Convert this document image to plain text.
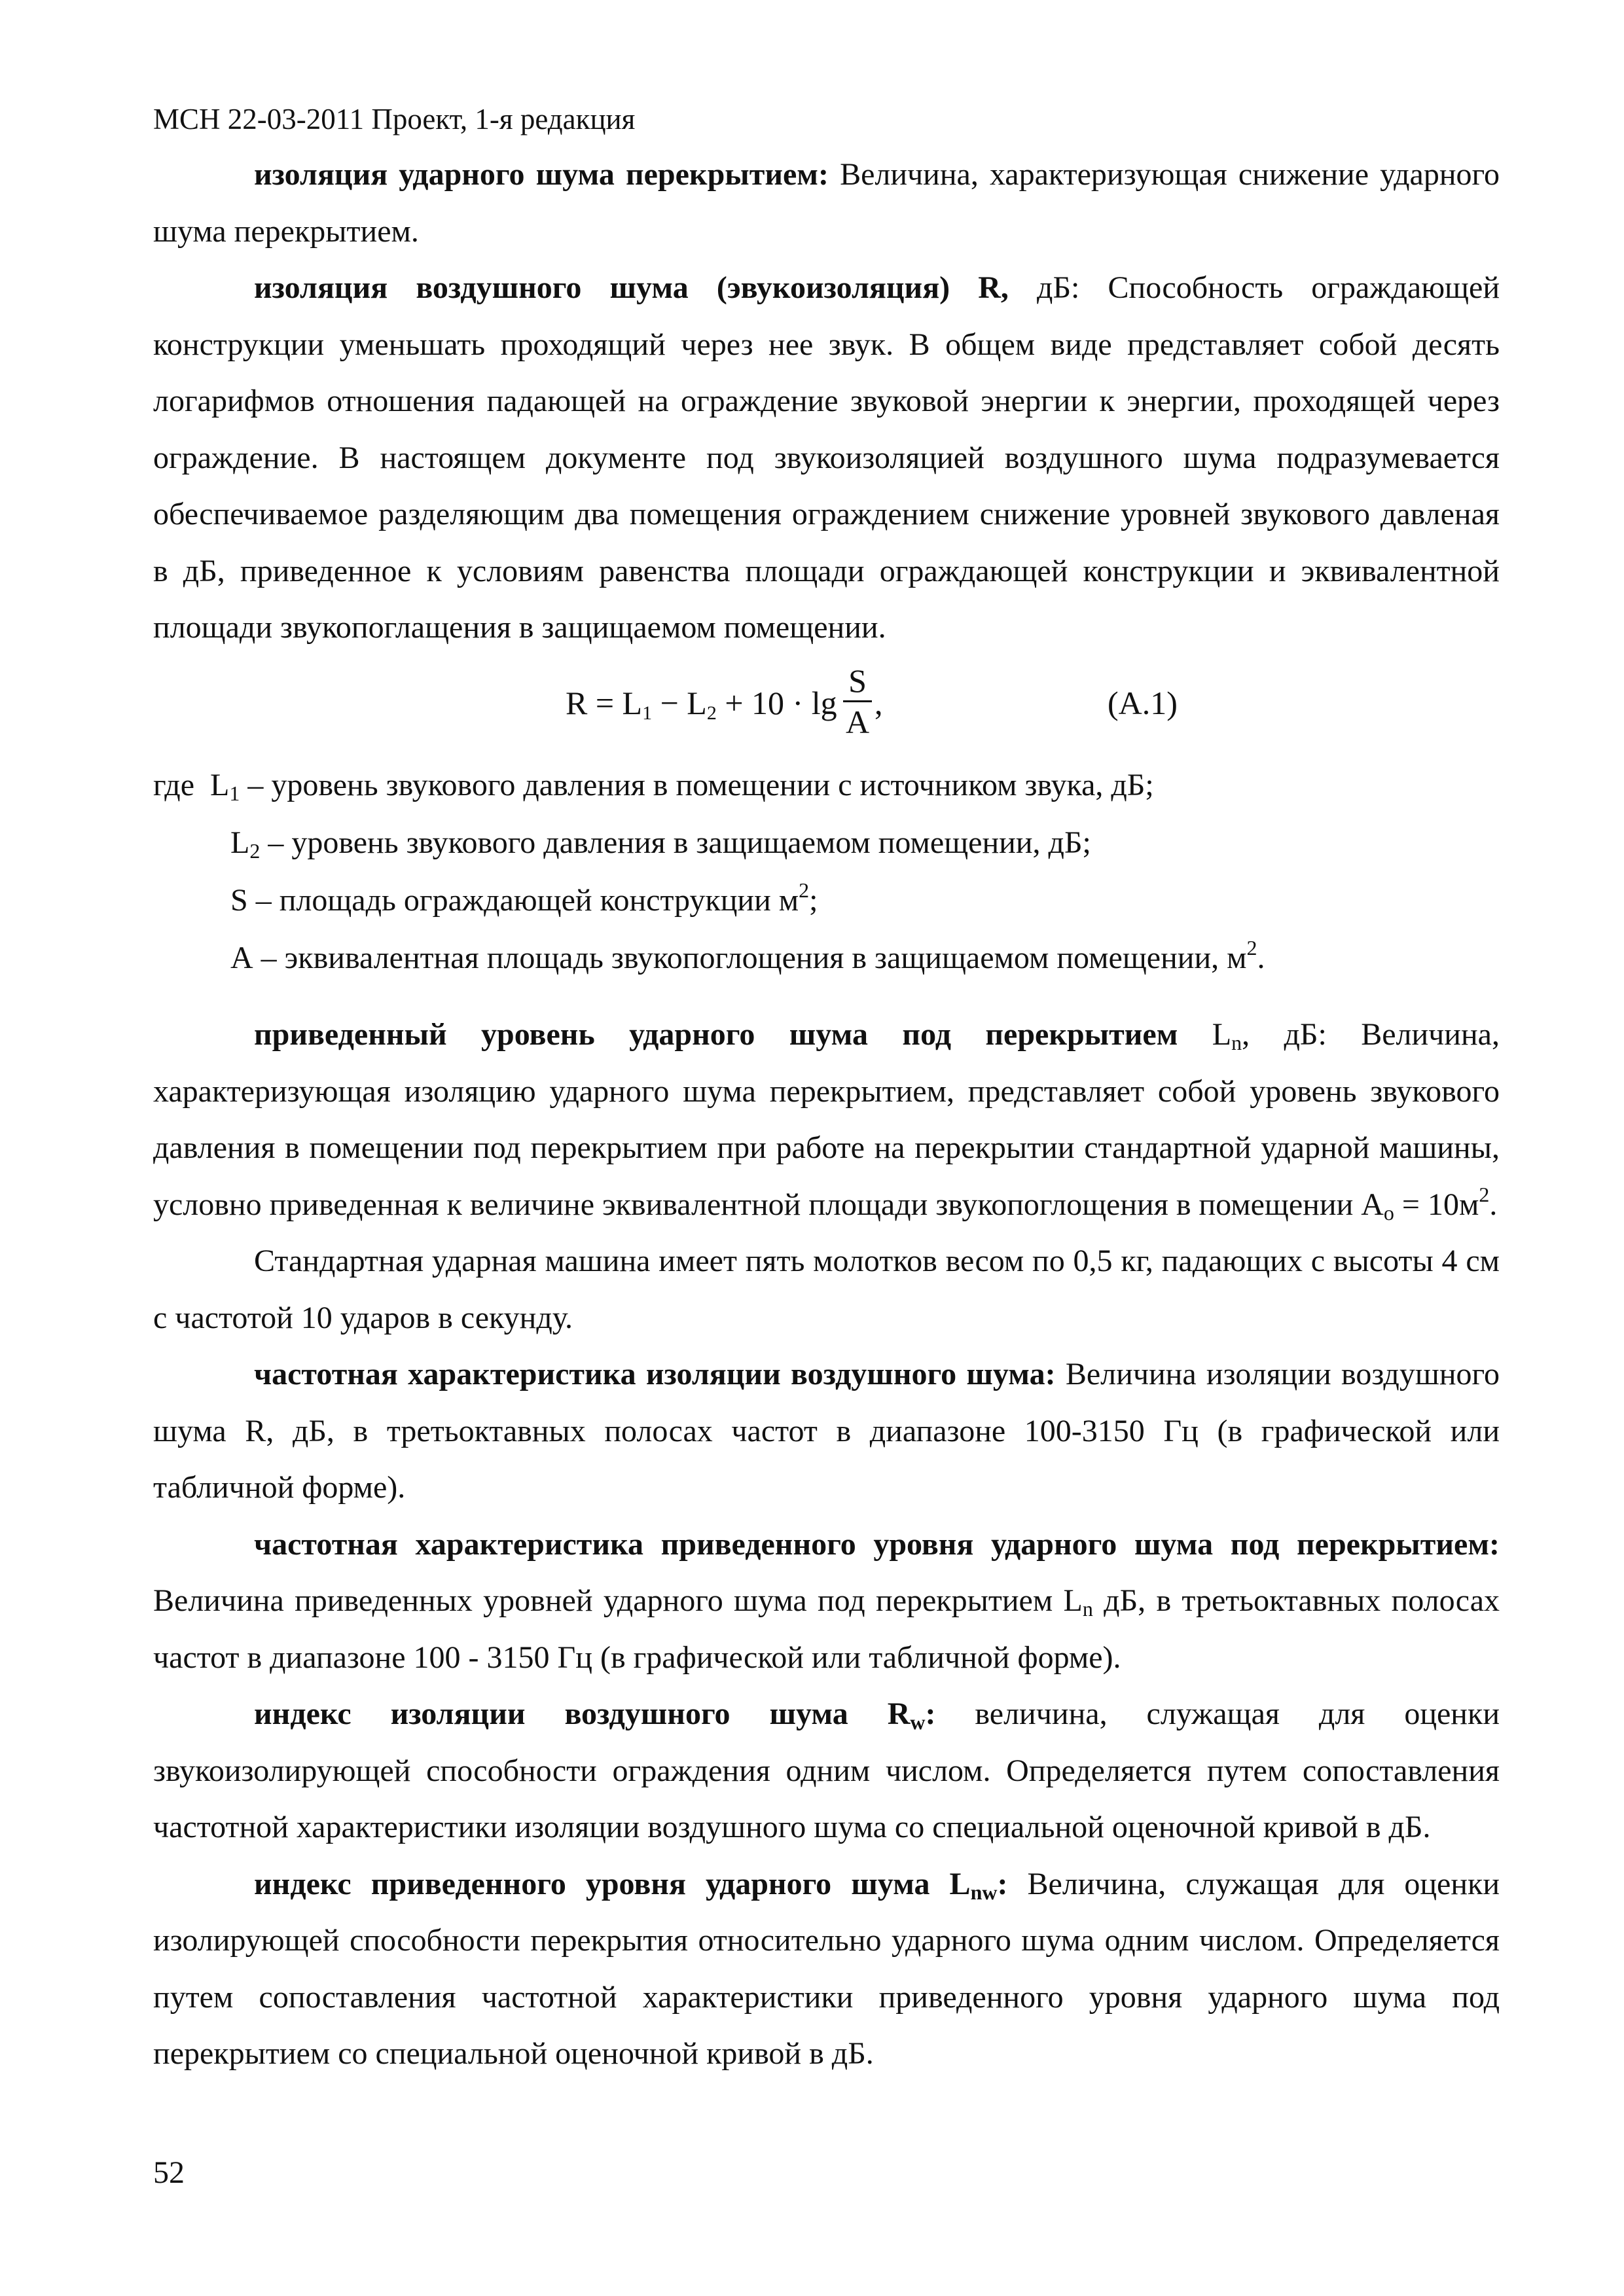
МСН 22-03-2011 Проект, 1-я редакция

изоляция ударного шума перекрытием: Величина, характеризующая снижение ударного шума перекрытием.

изоляция воздушного шума (эвукоизоляция) R, дБ: Способность ограждающей конструкции уменьшать проходящий через нее звук. В общем виде представляет собой десять логарифмов отношения падающей на ограждение звуковой энергии к энергии, проходящей через ограждение. В настоящем документе под звукоизоляцией воздушного шума подразумевается обеспечиваемое разделяющим два помещения ограждением снижение уровней звукового давленая в дБ, приведенное к условиям равенства площади ограждающей конструкции и эквивалентной площади звукопоглащения в защищаемом помещении.

R = L1 − L2 + 10 · lg
S
A
,	(А.1)
где $L_1$ – уровень звукового давления в помещении с источником звука, дБ;
$L_2$ – уровень звукового давления в защищаемом помещении, дБ;
S – площадь ограждающей конструкции $м^2$;
А – эквивалентная площадь звукопоглощения в защищаемом помещении, $м^2$.

приведенный уровень ударного шума под перекрытием $L_n$, дБ: Величина, характеризующая изоляцию ударного шума перекрытием, представляет собой уровень звукового давления в помещении под перекрытием при работе на перекрытии стандартной ударной машины, условно приведенная к величине эквивалентной площади звукопоглощения в помещении $А_о = 10м^2$.

Стандартная ударная машина имеет пять молотков весом по 0,5 кг, падающих с высоты 4 см с частотой 10 ударов в секунду.

частотная характеристика изоляции воздушного шума: Величина изоляции воздушного шума R, дБ, в третьоктавных полосах частот в диапазоне 100-3150 Гц (в графической или табличной форме).

частотная характеристика приведенного уровня ударного шума под перекрытием: Величина приведенных уровней ударного шума под перекрытием $L_n$ дБ, в третьоктавных полосах частот в диапазоне 100 - 3150 Гц (в графической или табличной форме).

индекс изоляции воздушного шума $R_w$: величина, служащая для оценки звукоизолирующей способности ограждения одним числом. Определяется путем сопоставления частотной характеристики изоляции воздушного шума со специальной оценочной кривой в дБ.

индекс приведенного уровня ударного шума $L_{nw}$: Величина, служащая для оценки изолирующей способности перекрытия относительно ударного шума одним числом. Определяется путем сопоставления частотной характеристики приведенного уровня ударного шума под перекрытием со специальной оценочной кривой в дБ.

52
